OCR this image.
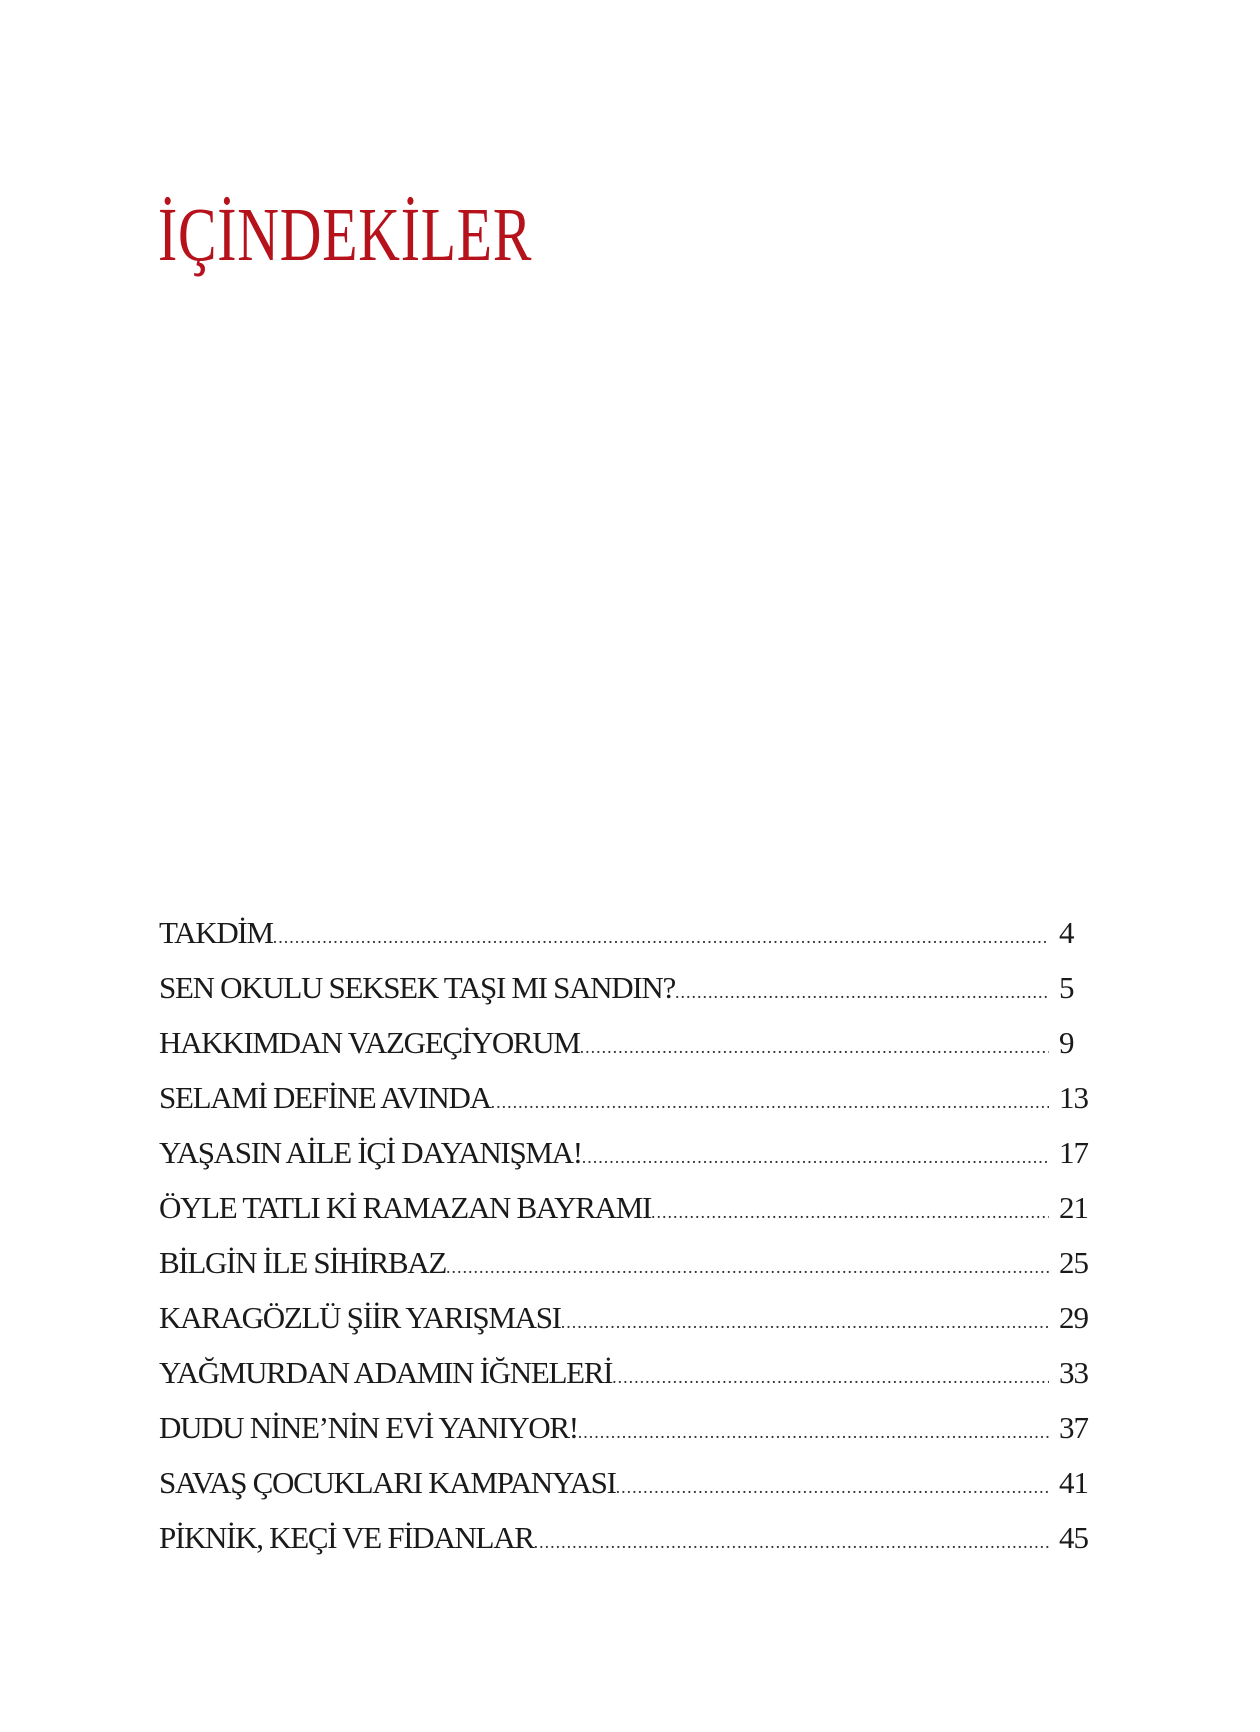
İÇİNDEKİLER
TAKDİM .....	4
SEN OKULU SEKSEK TAŞI MI SANDIN? .....	5
HAKKIMDAN VAZGEÇİYORUM .....	9
SELAMİ DEFİNE AVINDA .....	13
YAŞASIN AİLE İÇİ DAYANIŞMA! .....	17
ÖYLE TATLI Kİ RAMAZAN BAYRAMI .....	21
BİLGİN İLE SİHİRBAZ .....	25
KARAGÖZLÜ ŞİİR YARIŞMASI .....	29
YAĞMURDAN ADAMIN İĞNELERİ .....	33
DUDU NİNE’NİN EVİ YANIYOR! .....	37
SAVAŞ ÇOCUKLARI KAMPANYASI .....	41
PİKNİK, KEÇİ VE FİDANLAR .....	45
